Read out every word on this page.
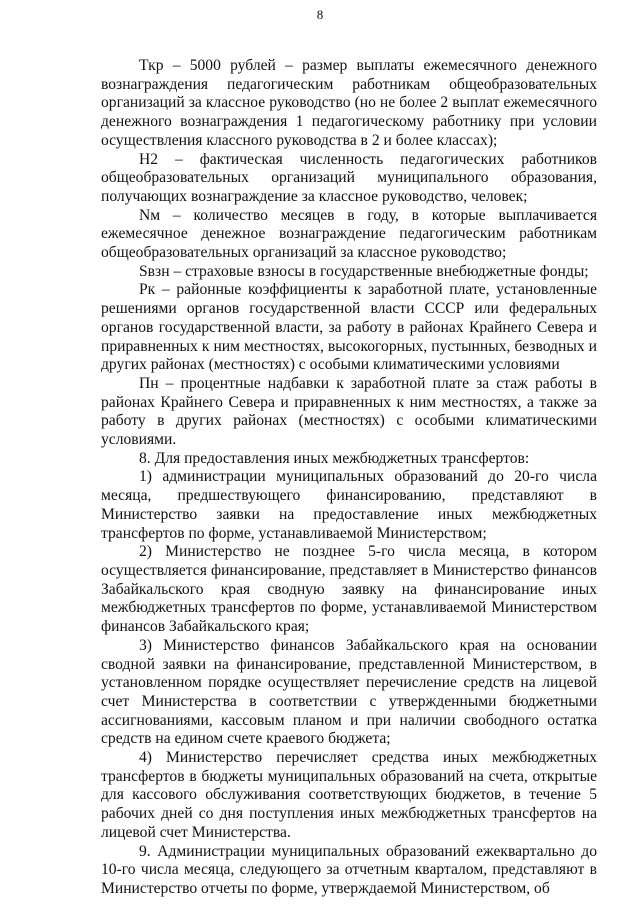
8

Ткр – 5000 рублей – размер выплаты ежемесячного денежного вознаграждения педагогическим работникам общеобразовательных организаций за классное руководство (но не более 2 выплат ежемесячного денежного вознаграждения 1 педагогическому работнику при условии осуществления классного руководства в 2 и более классах);

Н2 – фактическая численность педагогических работников общеобразовательных организаций муниципального образования, получающих вознаграждение за классное руководство, человек;

Nм – количество месяцев в году, в которые выплачивается ежемесячное денежное вознаграждение педагогическим работникам общеобразовательных организаций за классное руководство;

Sвзн – страховые взносы в государственные внебюджетные фонды;

Рк – районные коэффициенты к заработной плате, установленные решениями органов государственной власти СССР или федеральных органов государственной власти, за работу в районах Крайнего Севера и приравненных к ним местностях, высокогорных, пустынных, безводных и других районах (местностях) с особыми климатическими условиями

Пн – процентные надбавки к заработной плате за стаж работы в районах Крайнего Севера и приравненных к ним местностях, а также за работу в других районах (местностях) с особыми климатическими условиями.

8. Для предоставления иных межбюджетных трансфертов:

1) администрации муниципальных образований до 20-го числа месяца, предшествующего финансированию, представляют в Министерство заявки на предоставление иных межбюджетных трансфертов по форме, устанавливаемой Министерством;

2) Министерство не позднее 5-го числа месяца, в котором осуществляется финансирование, представляет в Министерство финансов Забайкальского края сводную заявку на финансирование иных межбюджетных трансфертов по форме, устанавливаемой Министерством финансов Забайкальского края;

3) Министерство финансов Забайкальского края на основании сводной заявки на финансирование, представленной Министерством, в установленном порядке осуществляет перечисление средств на лицевой счет Министерства в соответствии с утвержденными бюджетными ассигнованиями, кассовым планом и при наличии свободного остатка средств на едином счете краевого бюджета;

4) Министерство перечисляет средства иных межбюджетных трансфертов в бюджеты муниципальных образований на счета, открытые для кассового обслуживания соответствующих бюджетов, в течение 5 рабочих дней со дня поступления иных межбюджетных трансфертов на лицевой счет Министерства.

9. Администрации муниципальных образований ежеквартально до 10-го числа месяца, следующего за отчетным кварталом, представляют в Министерство отчеты по форме, утверждаемой Министерством, об
